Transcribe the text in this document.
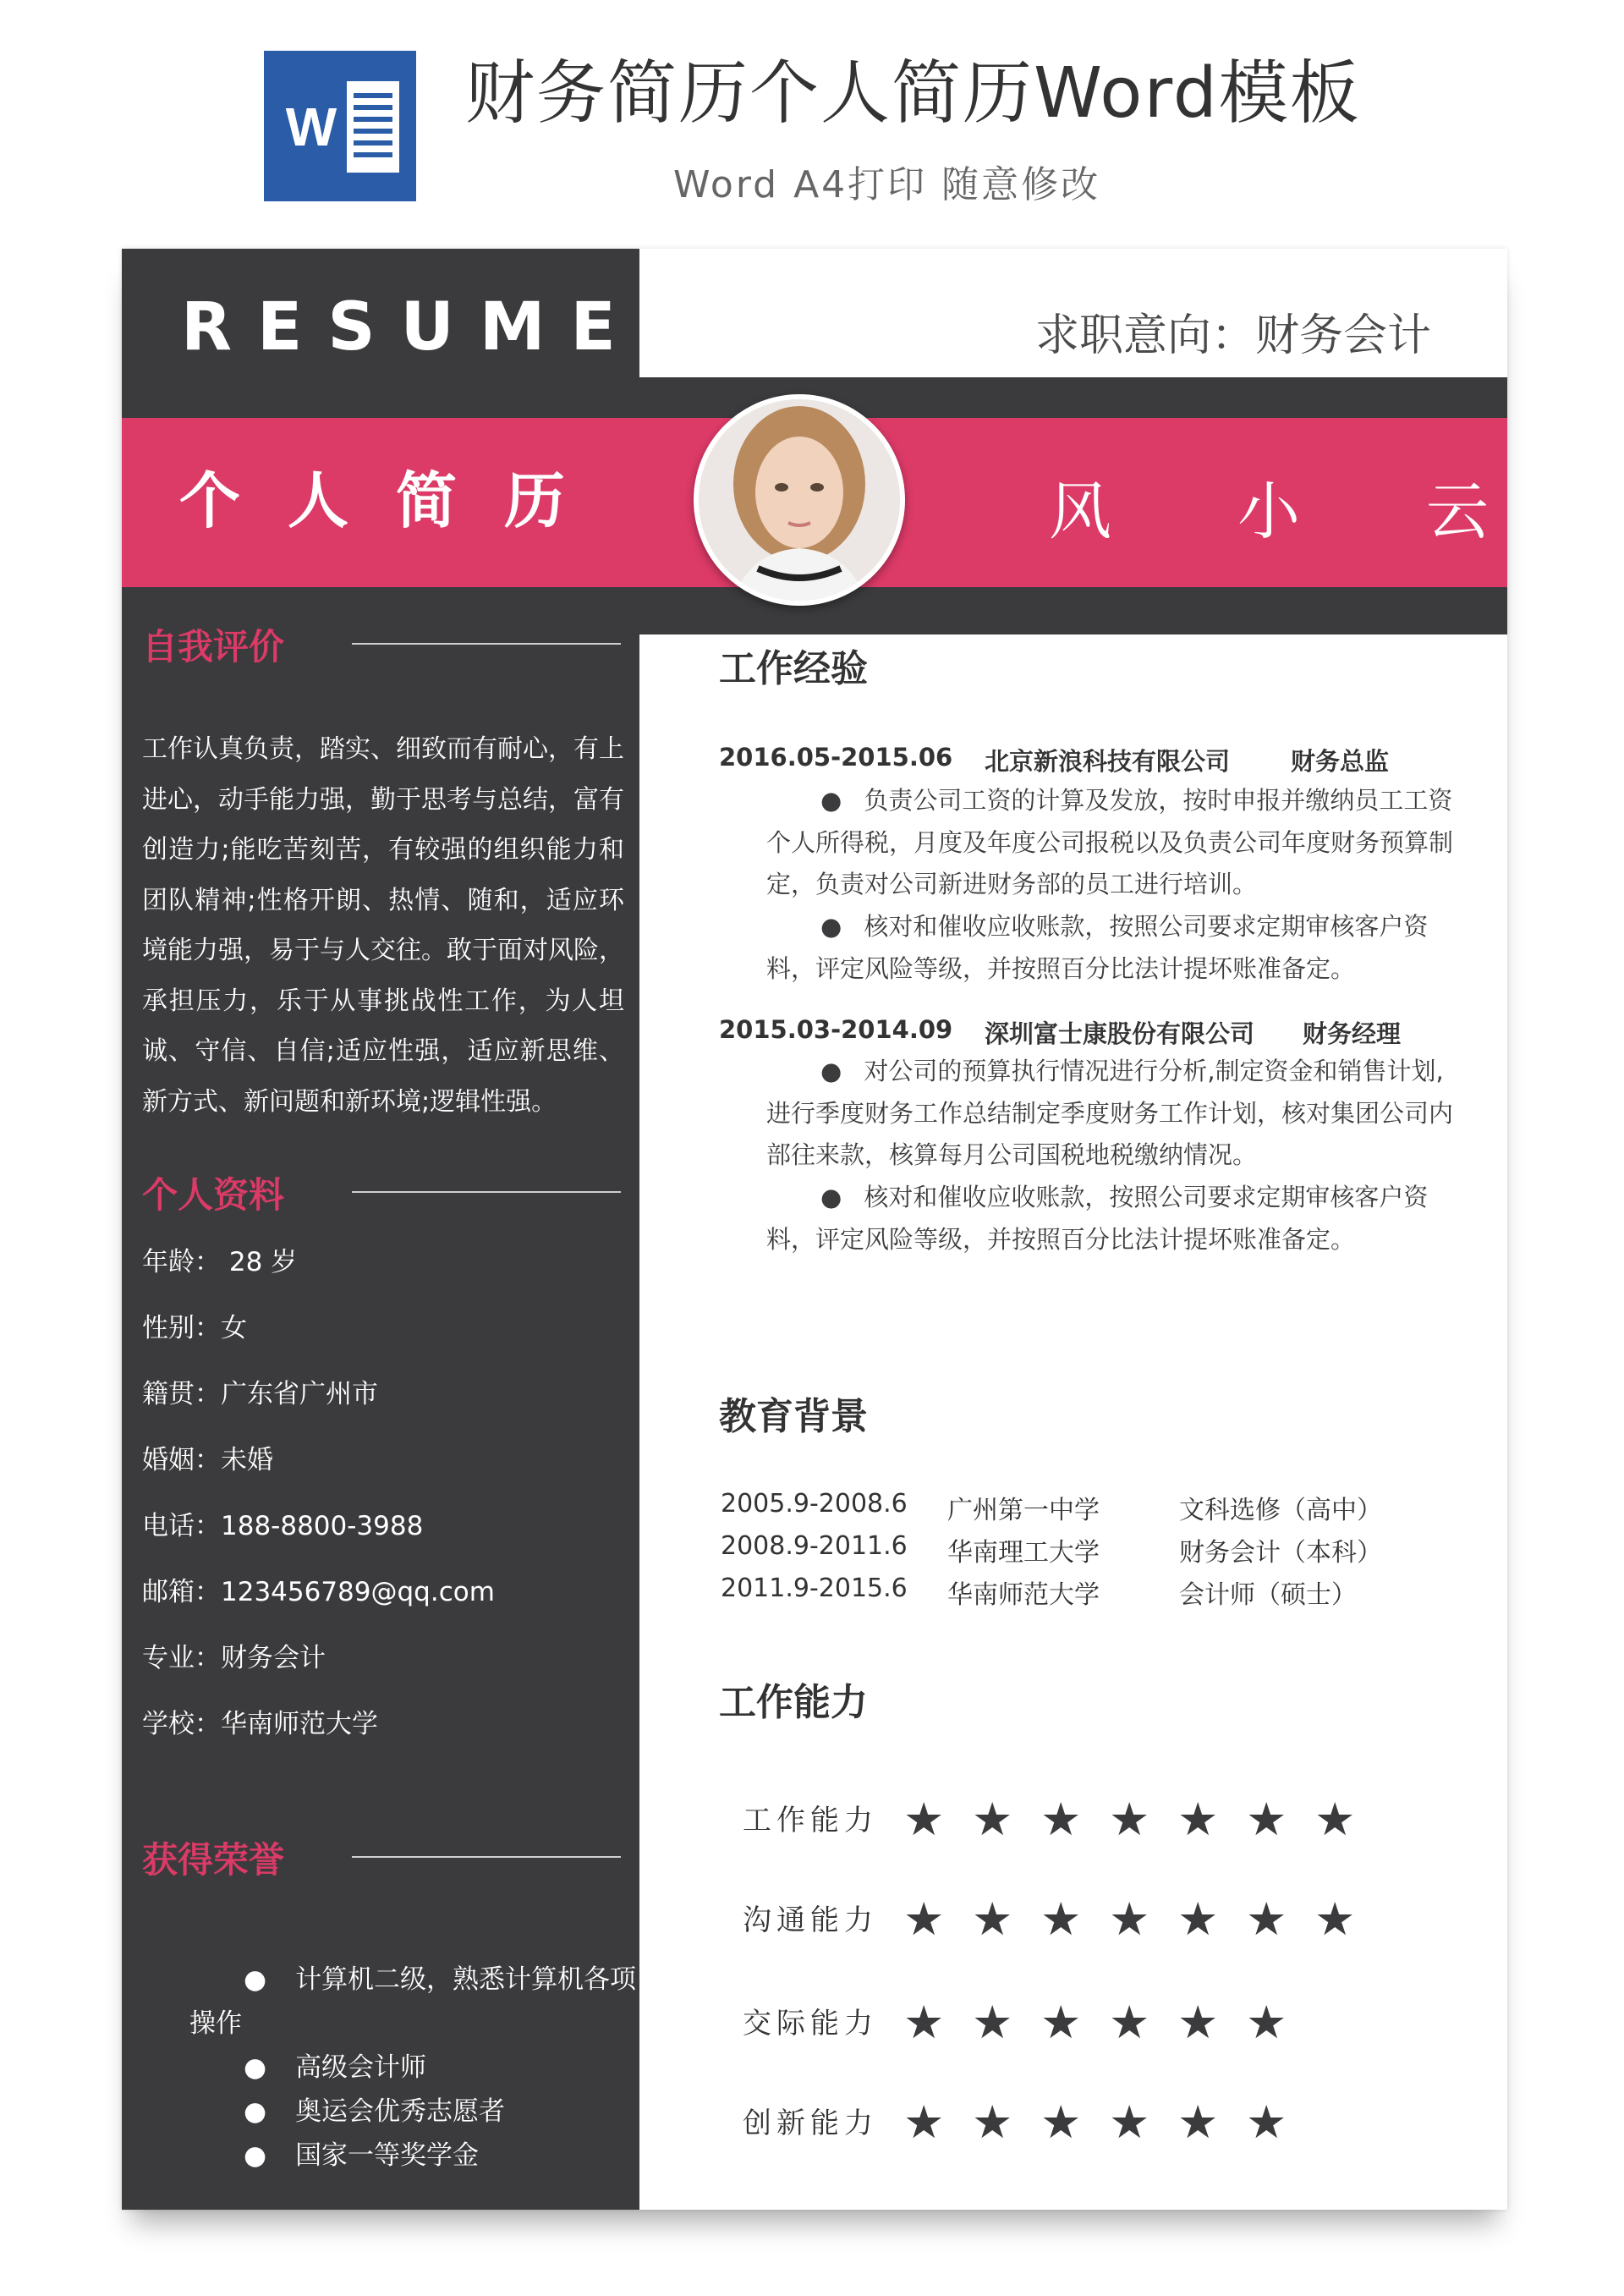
W 财务简历个人简历Word模板
Word A4打印 随意修改
RESUME	求职意向：财务会计
个人简历	风 小 云
自我评价
工作认真负责，踏实、细致而有耐心，有上进心，动手能力强，勤于思考与总结，富有创造力;能吃苦刻苦，有较强的组织能力和团队精神;性格开朗、热情、随和，适应环境能力强，易于与人交往。敢于面对风险，承担压力，乐于从事挑战性工作，为人坦诚、守信、自信;适应性强，适应新思维、新方式、新问题和新环境;逻辑性强。
个人资料
年龄： 28 岁
性别：女
籍贯：广东省广州市
婚姻：未婚
电话：188-8800-3988
邮箱：123456789@qq.com
专业：财务会计
学校：华南师范大学
获得荣誉
● 计算机二级，熟悉计算机各项
操作
● 高级会计师
● 奥运会优秀志愿者
● 国家一等奖学金
工作经验
2016.05-2015.06 北京新浪科技有限公司 财务总监
● 负责公司工资的计算及发放，按时申报并缴纳员工工资个人所得税，月度及年度公司报税以及负责公司年度财务预算制定，负责对公司新进财务部的员工进行培训。
● 核对和催收应收账款，按照公司要求定期审核客户资料，评定风险等级，并按照百分比法计提坏账准备定。
2015.03-2014.09 深圳富士康股份有限公司 财务经理
● 对公司的预算执行情况进行分析,制定资金和销售计划,进行季度财务工作总结制定季度财务工作计划，核对集团公司内部往来款，核算每月公司国税地税缴纳情况。
● 核对和催收应收账款，按照公司要求定期审核客户资料，评定风险等级，并按照百分比法计提坏账准备定。
教育背景
2005.9-2008.6 广州第一中学	文科选修（高中）
2008.9-2011.6 华南理工大学	财务会计（本科）
2011.9-2015.6 华南师范大学	会计师（硕士）
工作能力
工作能力 ★ ★ ★ ★ ★ ★ ★
沟通能力 ★ ★ ★ ★ ★ ★ ★
交际能力 ★ ★ ★ ★ ★ ★
创新能力 ★ ★ ★ ★ ★ ★
